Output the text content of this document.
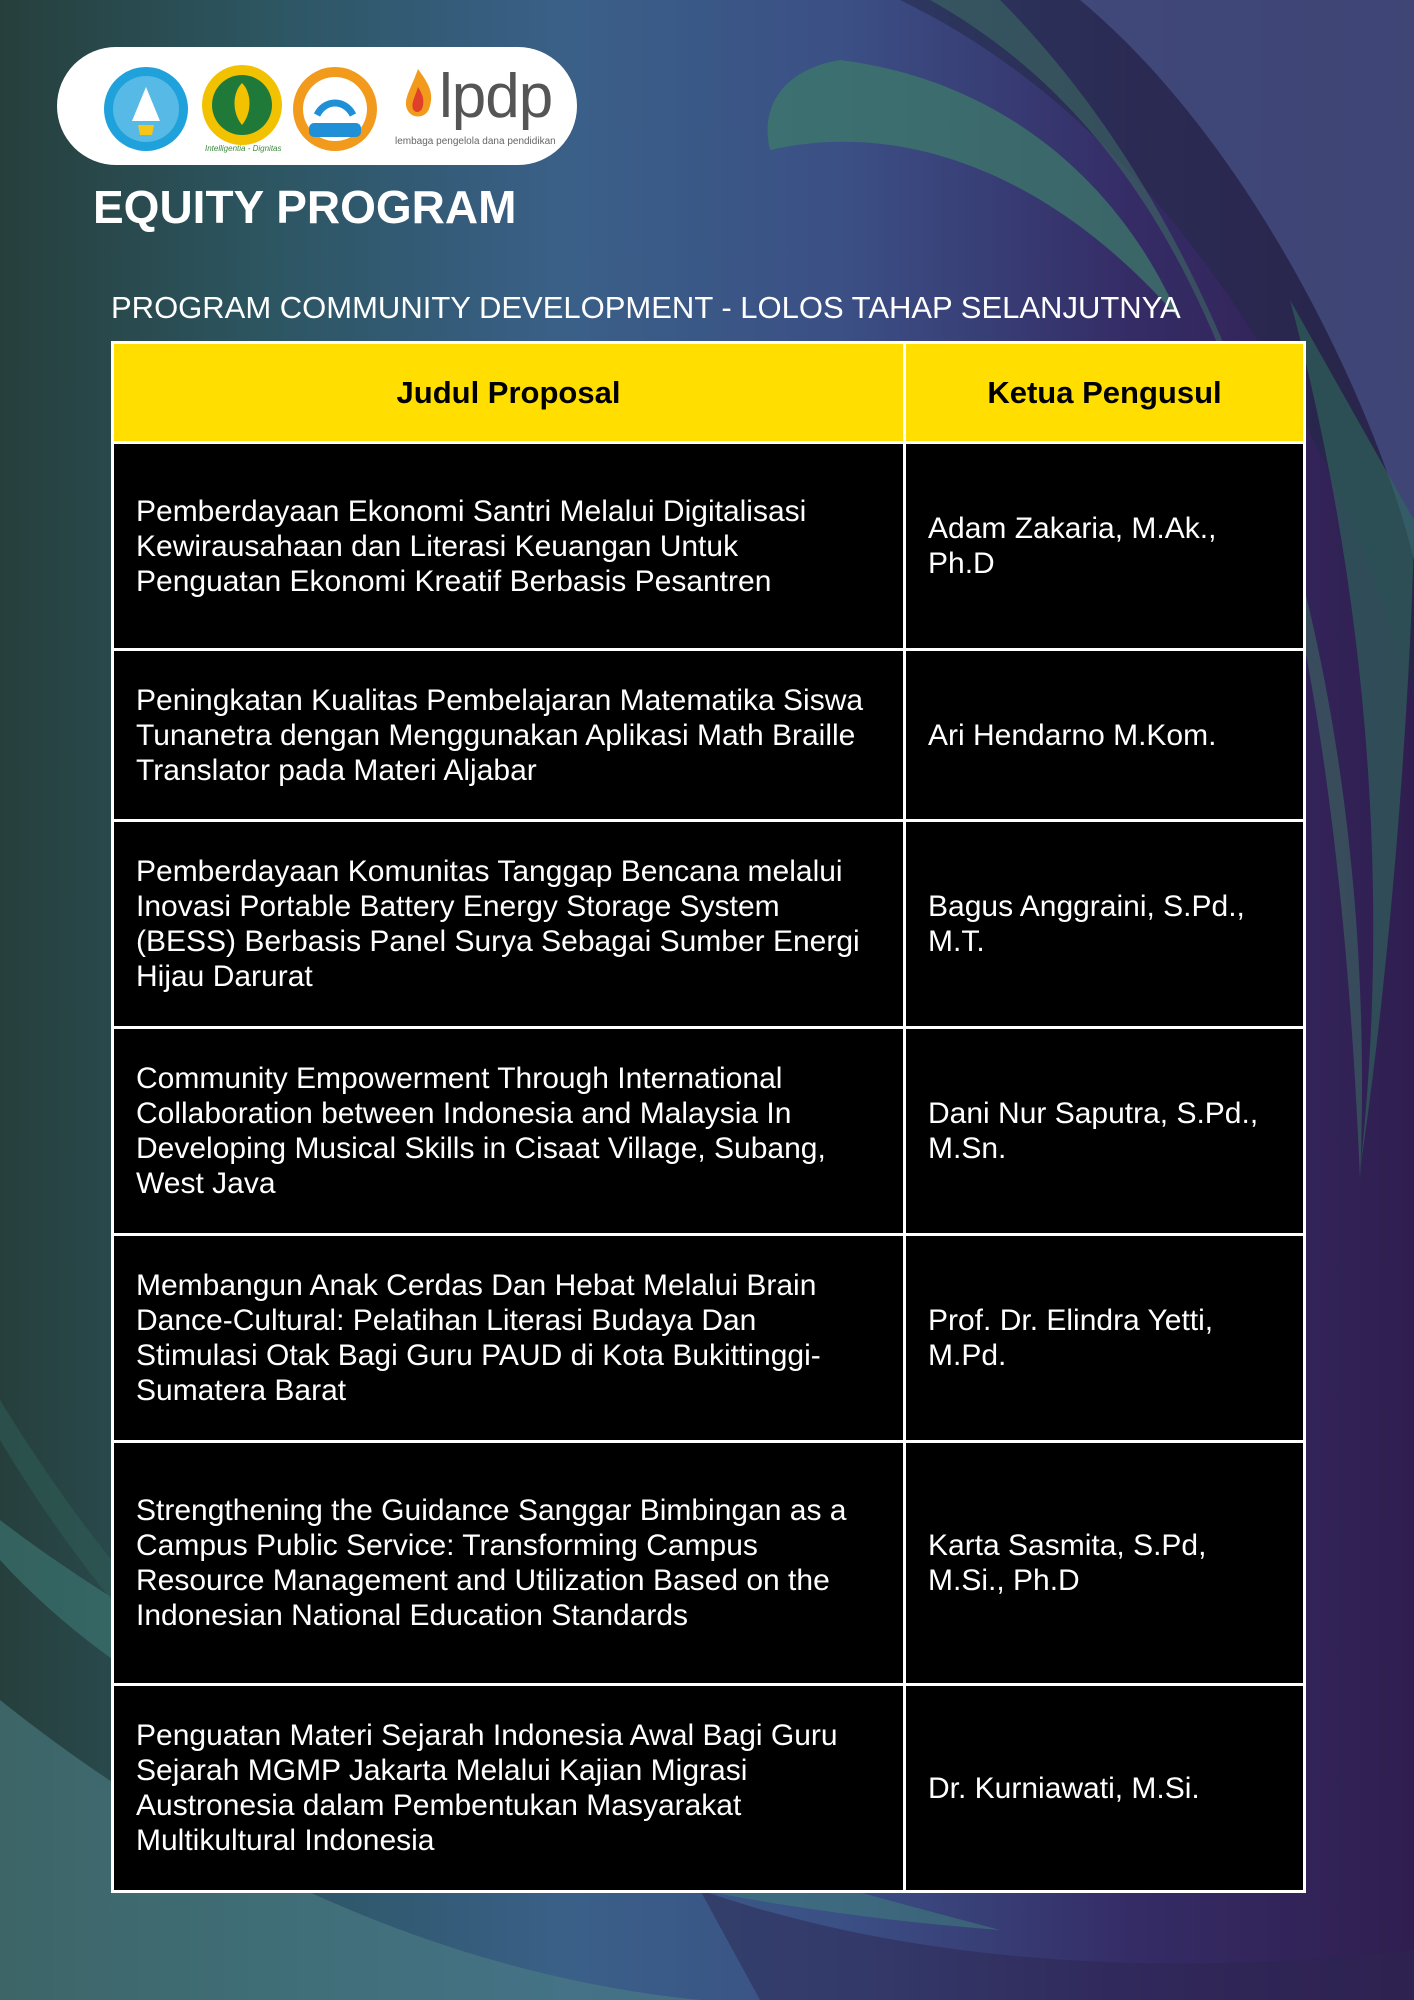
Intelligentia - Dignitas
lpdp
lembaga pengelola dana pendidikan
EQUITY PROGRAM
PROGRAM COMMUNITY DEVELOPMENT - LOLOS TAHAP SELANJUTNYA
Judul Proposal	Ketua Pengusul
Pemberdayaan Ekonomi Santri Melalui Digitalisasi Kewirausahaan dan Literasi Keuangan Untuk Penguatan Ekonomi Kreatif Berbasis Pesantren	Adam Zakaria, M.Ak., Ph.D
Peningkatan Kualitas Pembelajaran Matematika Siswa Tunanetra dengan Menggunakan Aplikasi Math Braille Translator pada Materi Aljabar	Ari Hendarno M.Kom.
Pemberdayaan Komunitas Tanggap Bencana melalui Inovasi Portable Battery Energy Storage System (BESS) Berbasis Panel Surya Sebagai Sumber Energi Hijau Darurat	Bagus Anggraini, S.Pd., M.T.
Community Empowerment Through International Collaboration between Indonesia and Malaysia In Developing Musical Skills in Cisaat Village, Subang, West Java	Dani Nur Saputra, S.Pd., M.Sn.
Membangun Anak Cerdas Dan Hebat Melalui Brain Dance-Cultural: Pelatihan Literasi Budaya Dan Stimulasi Otak Bagi Guru PAUD di Kota Bukittinggi-Sumatera Barat	Prof. Dr. Elindra Yetti, M.Pd.
Strengthening the Guidance Sanggar Bimbingan as a Campus Public Service: Transforming Campus Resource Management and Utilization Based on the Indonesian National Education Standards	Karta Sasmita, S.Pd, M.Si., Ph.D
Penguatan Materi Sejarah Indonesia Awal Bagi Guru Sejarah MGMP Jakarta Melalui Kajian Migrasi Austronesia dalam Pembentukan Masyarakat Multikultural Indonesia	Dr. Kurniawati, M.Si.
